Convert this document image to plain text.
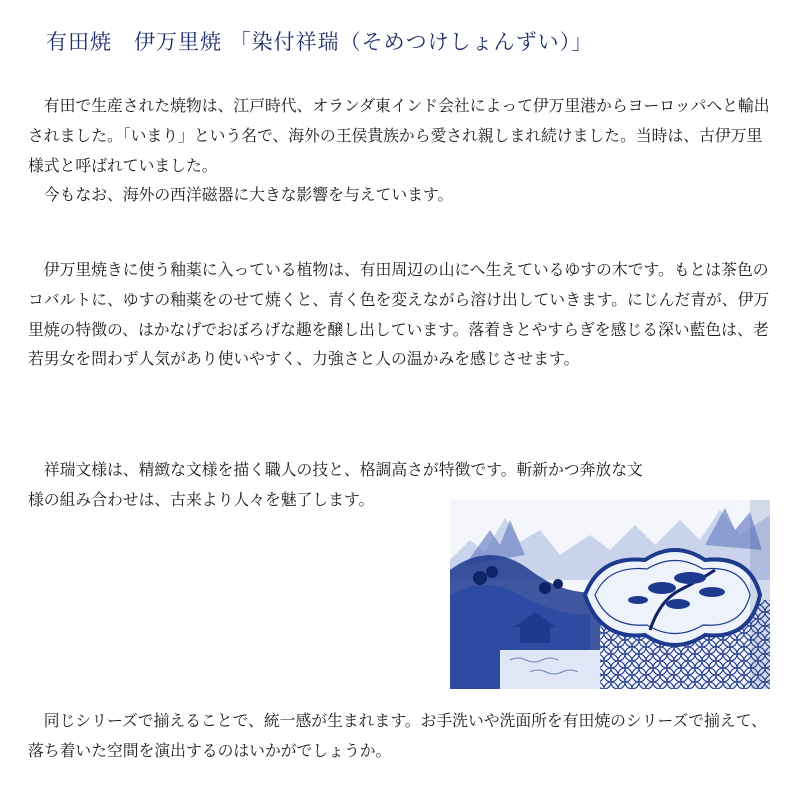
有田焼　伊万里焼 「染付祥瑞（そめつけしょんずい）」

有田で生産された焼物は、江戸時代、オランダ東インド会社によって伊万里港からヨーロッパへと輸出されました。「いまり」という名で、海外の王侯貴族から愛され親しまれ続けました。当時は、古伊万里様式と呼ばれていました。

今もなお、海外の西洋磁器に大きな影響を与えています。

伊万里焼きに使う釉薬に入っている植物は、有田周辺の山にへ生えているゆすの木です。もとは茶色のコバルトに、ゆすの釉薬をのせて焼くと、青く色を変えながら溶け出していきます。にじんだ青が、伊万里焼の特徴の、はかなげでおぼろげな趣を醸し出しています。落着きとやすらぎを感じる深い藍色は、老若男女を問わず人気があり使いやすく、力強さと人の温かみを感じさせます。

祥瑞文様は、精緻な文様を描く職人の技と、格調高さが特徴です。斬新かつ奔放な文

様の組み合わせは、古来より人々を魅了します。

同じシリーズで揃えることで、統一感が生まれます。お手洗いや洗面所を有田焼のシリーズで揃えて、落ち着いた空間を演出するのはいかがでしょうか。
